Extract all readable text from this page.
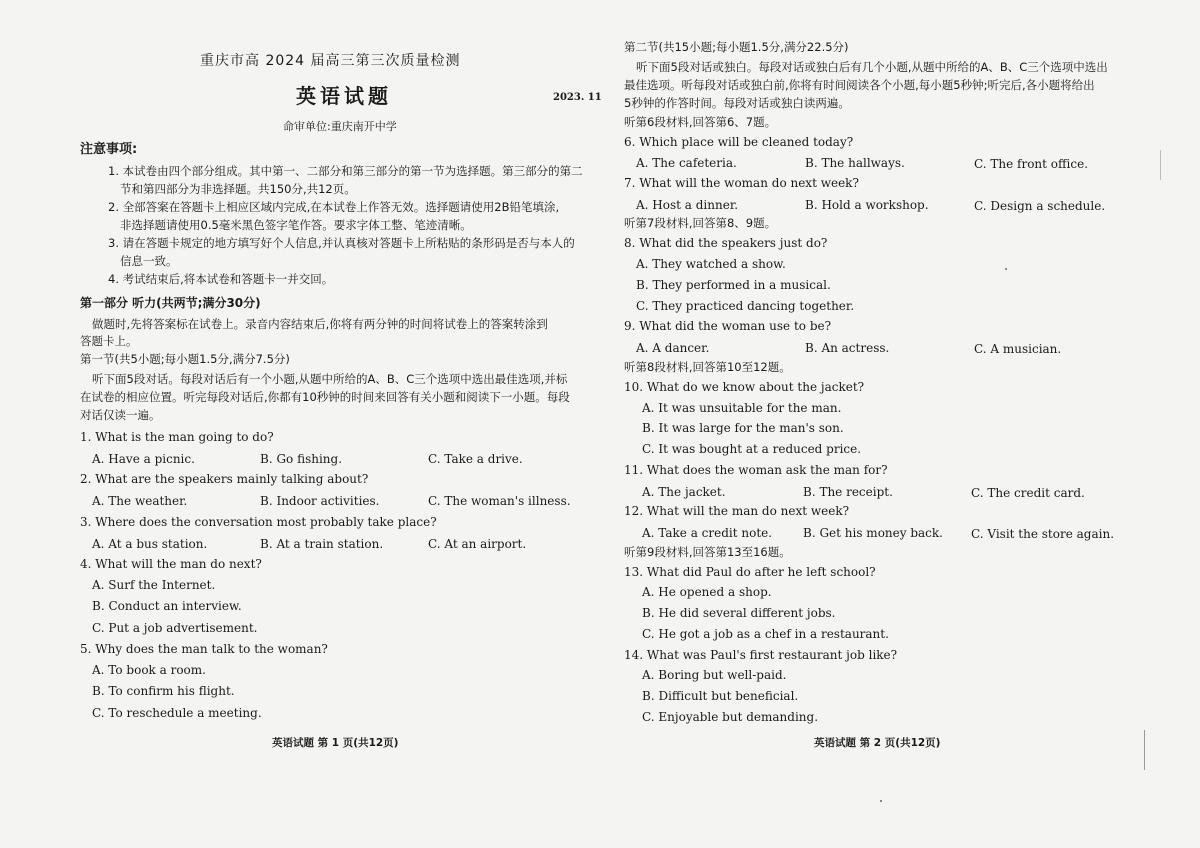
重庆市高 2024 届高三第三次质量检测
英语试题	2023. 11
命审单位:重庆南开中学
注意事项:
1. 本试卷由四个部分组成。其中第一、二部分和第三部分的第一节为选择题。第三部分的第二
节和第四部分为非选择题。共150分,共12页。
2. 全部答案在答题卡上相应区域内完成,在本试卷上作答无效。选择题请使用2B铅笔填涂,
非选择题请使用0.5毫米黑色签字笔作答。要求字体工整、笔迹清晰。
3. 请在答题卡规定的地方填写好个人信息,并认真核对答题卡上所粘贴的条形码是否与本人的
信息一致。
4. 考试结束后,将本试卷和答题卡一并交回。
第一部分 听力(共两节;满分30分)
做题时,先将答案标在试卷上。录音内容结束后,你将有两分钟的时间将试卷上的答案转涂到
答题卡上。
第一节(共5小题;每小题1.5分,满分7.5分)
听下面5段对话。每段对话后有一个小题,从题中所给的A、B、C三个选项中选出最佳选项,并标
在试卷的相应位置。听完每段对话后,你都有10秒钟的时间来回答有关小题和阅读下一小题。每段
对话仅读一遍。
1. What is the man going to do?
A. Have a picnic.	B. Go fishing.	C. Take a drive.
2. What are the speakers mainly talking about?
A. The weather.	B. Indoor activities.	C. The woman's illness.
3. Where does the conversation most probably take place?
A. At a bus station.	B. At a train station.	C. At an airport.
4. What will the man do next?
A. Surf the Internet.
B. Conduct an interview.
C. Put a job advertisement.
5. Why does the man talk to the woman?
A. To book a room.
B. To confirm his flight.
C. To reschedule a meeting.
英语试题 第 1 页(共12页)
第二节(共15小题;每小题1.5分,满分22.5分)
听下面5段对话或独白。每段对话或独白后有几个小题,从题中所给的A、B、C三个选项中选出
最佳选项。听每段对话或独白前,你将有时间阅读各个小题,每小题5秒钟;听完后,各小题将给出
5秒钟的作答时间。每段对话或独白读两遍。
听第6段材料,回答第6、7题。
6. Which place will be cleaned today?
A. The cafeteria.	B. The hallways.	C. The front office.
7. What will the woman do next week?
A. Host a dinner.	B. Hold a workshop.	C. Design a schedule.
听第7段材料,回答第8、9题。
8. What did the speakers just do?
A. They watched a show.
B. They performed in a musical.
C. They practiced dancing together.
9. What did the woman use to be?
A. A dancer.	B. An actress.	C. A musician.
听第8段材料,回答第10至12题。
10. What do we know about the jacket?
A. It was unsuitable for the man.
B. It was large for the man's son.
C. It was bought at a reduced price.
11. What does the woman ask the man for?
A. The jacket.	B. The receipt.	C. The credit card.
12. What will the man do next week?
A. Take a credit note.	B. Get his money back. C. Visit the store again.
听第9段材料,回答第13至16题。
13. What did Paul do after he left school?
A. He opened a shop.
B. He did several different jobs.
C. He got a job as a chef in a restaurant.
14. What was Paul's first restaurant job like?
A. Boring but well-paid.
B. Difficult but beneficial.
C. Enjoyable but demanding.
英语试题 第 2 页(共12页)
